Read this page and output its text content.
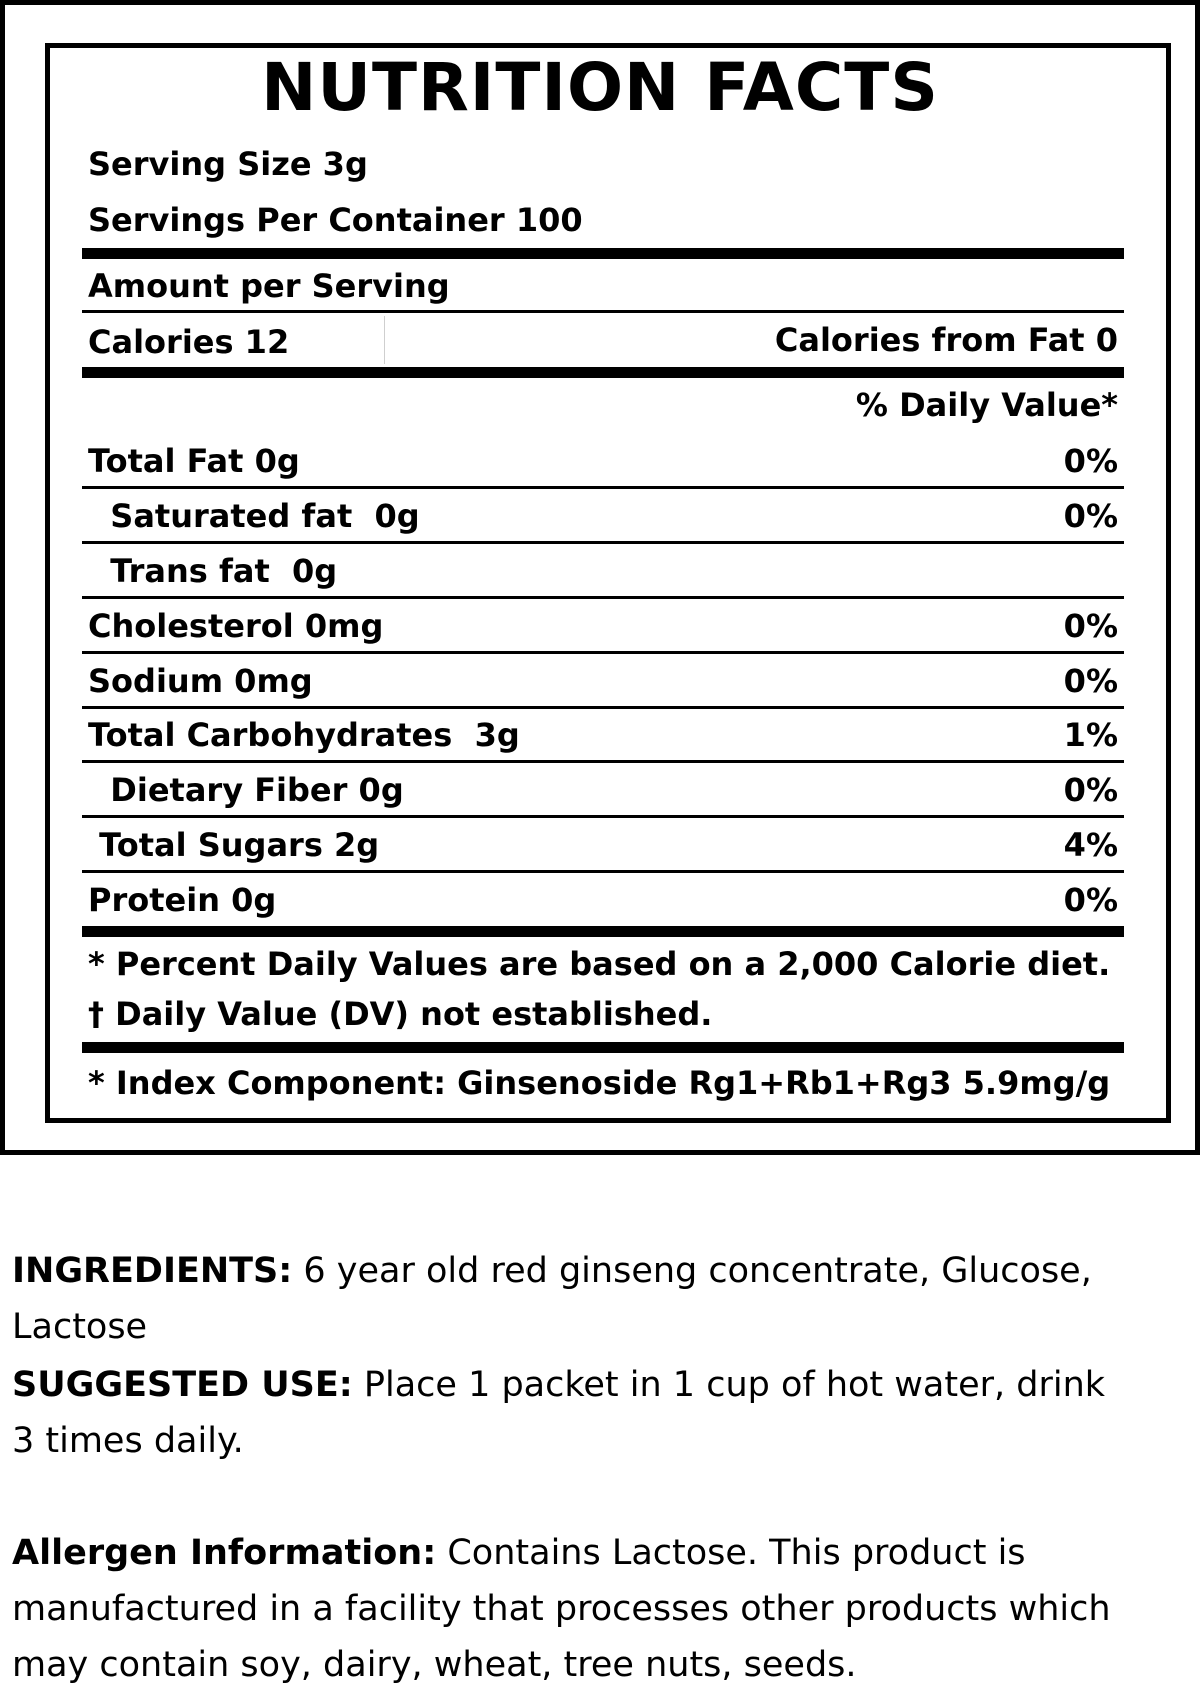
NUTRITION FACTS
Serving Size 3g
Servings Per Container 100
Amount per Serving
Calories 12	Calories from Fat 0
% Daily Value*
Total Fat 0g	0%
Saturated fat  0g	0%
Trans fat  0g
Cholesterol 0mg	0%
Sodium 0mg	0%
Total Carbohydrates  3g	1%
Dietary Fiber 0g	0%
Total Sugars 2g	4%
Protein 0g	0%
* Percent Daily Values are based on a 2,000 Calorie diet.
† Daily Value (DV) not established.
* Index Component: Ginsenoside Rg1+Rb1+Rg3 5.9mg/g
INGREDIENTS: 6 year old red ginseng concentrate, Glucose, Lactose
SUGGESTED USE: Place 1 packet in 1 cup of hot water, drink 3 times daily.
Allergen Information: Contains Lactose. This product is manufactured in a facility that processes other products which may contain soy, dairy, wheat, tree nuts, seeds.
